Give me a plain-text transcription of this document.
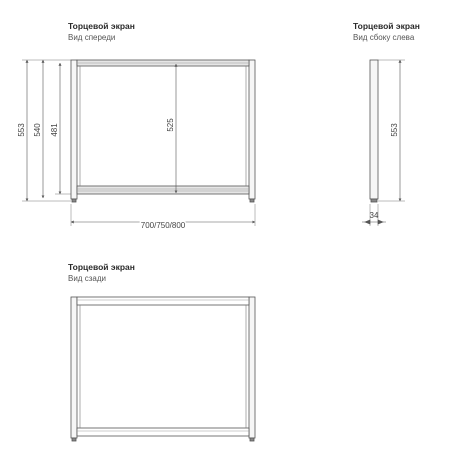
Торцевой экран
Вид спереди
Торцевой экран
Вид сбоку слева
Торцевой экран
Вид сзади
553 540 481	525
700/750/800
553
34
